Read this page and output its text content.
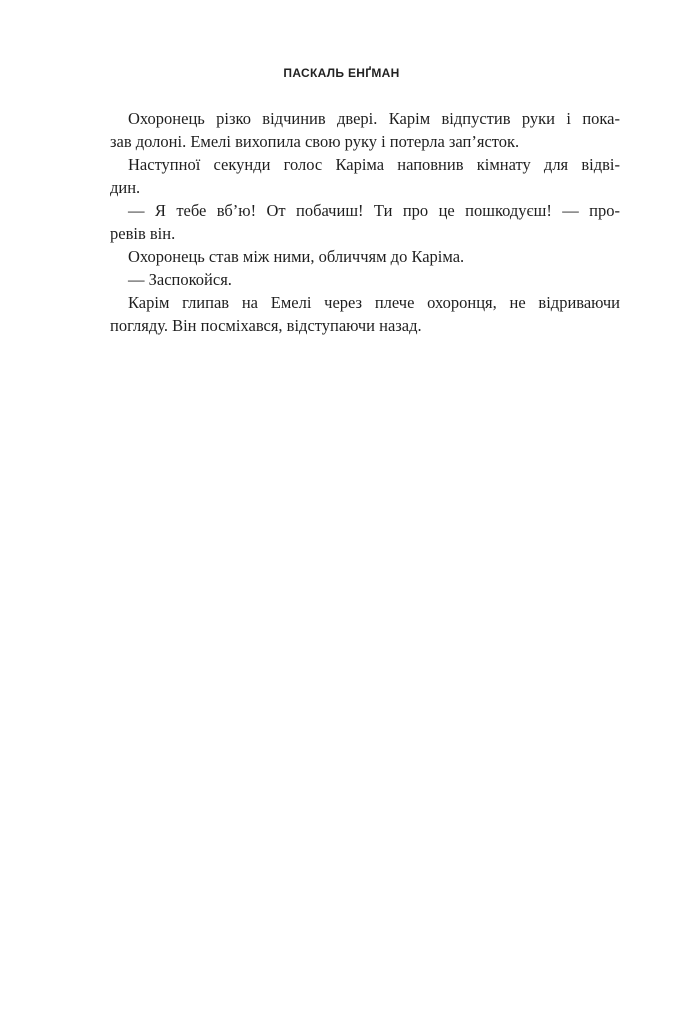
ПАСКАЛЬ ЕНҐМАН

Охоронець різко відчинив двері. Карім відпустив руки і пока-
зав долоні. Емелі вихопила свою руку і потерла зап’ясток.

Наступної секунди голос Каріма наповнив кімнату для відві-
дин.

— Я тебе вб’ю! От побачиш! Ти про це пошкодуєш! — про-
ревів він.

Охоронець став між ними, обличчям до Каріма.

— Заспокойся.

Карім глипав на Емелі через плече охоронця, не відриваючи
погляду. Він посміхався, відступаючи назад.
